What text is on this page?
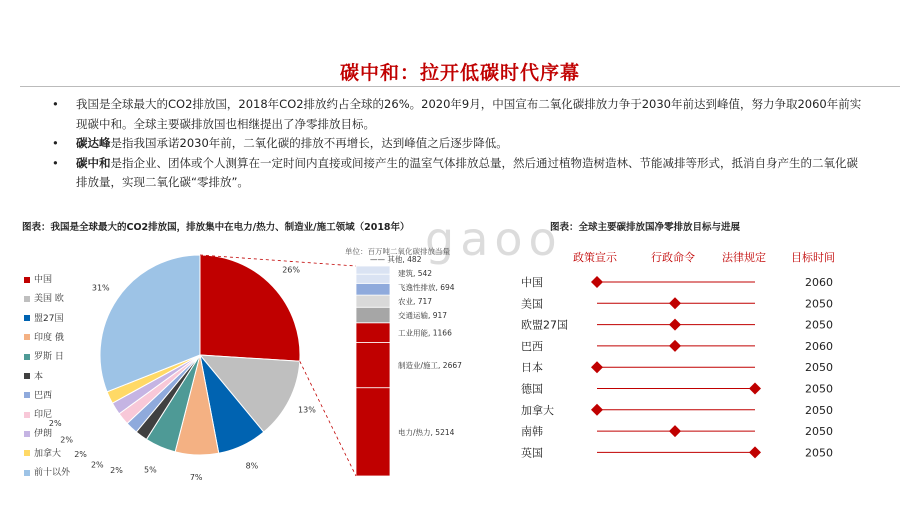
碳中和：拉开低碳时代序幕
• 我国是全球最大的CO2排放国，2018年CO2排放约占全球的26%。2020年9月，中国宣布二氧化碳排放力争于2030年前达到峰值，努力争取2060年前实现碳中和。全球主要碳排放国也相继提出了净零排放目标。
• 碳达峰是指我国承诺2030年前，二氧化碳的排放不再增长，达到峰值之后逐步降低。
• 碳中和是指企业、团体或个人测算在一定时间内直接或间接产生的温室气体排放总量，然后通过植物造树造林、节能减排等形式，抵消自身产生的二氧化碳排放量，实现二氧化碳“零排放”。
gaoo
图表：我国是全球最大的CO2排放国，排放集中在电力/热力、制造业/施工领域（2018年）	图表：全球主要碳排放国净零排放目标与进展
中国
美国 欧
盟27国
印度 俄
罗斯 日
本
巴西
印尼
伊朗
加拿大
前十以外
26%
13%
8%
7%
5%
2%
2%
2%
2%
2%
31%
电力/热力, 5214
制造业/施工, 2667
工业用能, 1166
交通运输, 917
农业, 717
飞逸性排放, 694
建筑, 542
—— 其他, 482
单位：百万吨二氧化碳排放当量	政策宣示	行政命令 法律规定 目标时间
中国	2060
美国	2050
欧盟27国	2050
巴西	2060
日本	2050
德国	2050
加拿大	2050
南韩	2050
英国	2050
